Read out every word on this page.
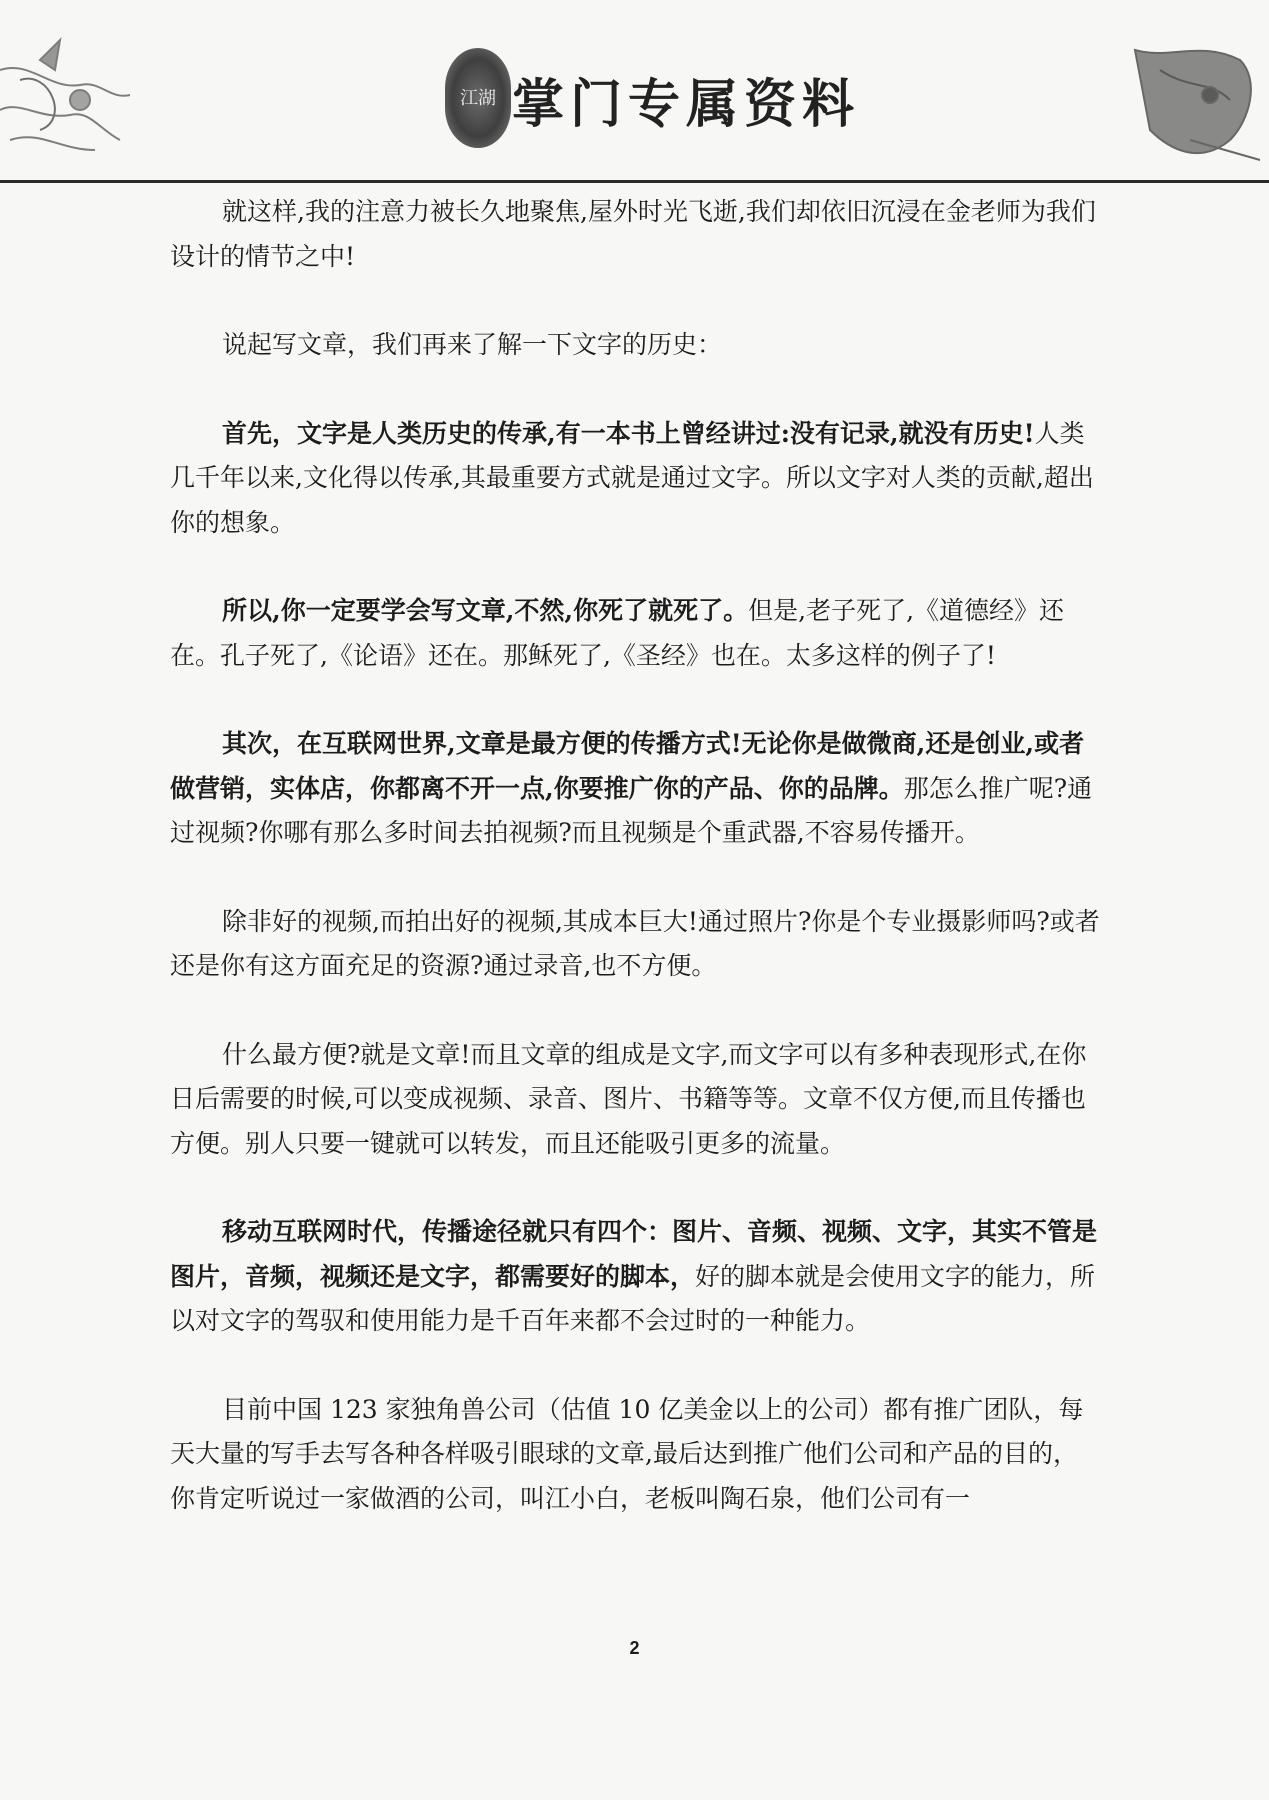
江湖 掌门专属资料

就这样,我的注意力被长久地聚焦,屋外时光飞逝,我们却依旧沉浸在金老师为我们设计的情节之中!

说起写文章，我们再来了解一下文字的历史：

首先，文字是人类历史的传承,有一本书上曾经讲过:没有记录,就没有历史!人类几千年以来,文化得以传承,其最重要方式就是通过文字。所以文字对人类的贡献,超出你的想象。

所以,你一定要学会写文章,不然,你死了就死了。但是,老子死了,《道德经》还在。孔子死了,《论语》还在。那稣死了,《圣经》也在。太多这样的例子了!

其次，在互联网世界,文章是最方便的传播方式!无论你是做微商,还是创业,或者做营销，实体店，你都离不开一点,你要推广你的产品、你的品牌。那怎么推广呢?通过视频?你哪有那么多时间去拍视频?而且视频是个重武器,不容易传播开。

除非好的视频,而拍出好的视频,其成本巨大!通过照片?你是个专业摄影师吗?或者还是你有这方面充足的资源?通过录音,也不方便。

什么最方便?就是文章!而且文章的组成是文字,而文字可以有多种表现形式,在你日后需要的时候,可以变成视频、录音、图片、书籍等等。文章不仅方便,而且传播也方便。别人只要一键就可以转发，而且还能吸引更多的流量。

移动互联网时代，传播途径就只有四个：图片、音频、视频、文字，其实不管是图片，音频，视频还是文字，都需要好的脚本，好的脚本就是会使用文字的能力，所以对文字的驾驭和使用能力是千百年来都不会过时的一种能力。

目前中国 123 家独角兽公司（估值 10 亿美金以上的公司）都有推广团队，每天大量的写手去写各种各样吸引眼球的文章,最后达到推广他们公司和产品的目的，你肯定听说过一家做酒的公司，叫江小白，老板叫陶石泉，他们公司有一

2
